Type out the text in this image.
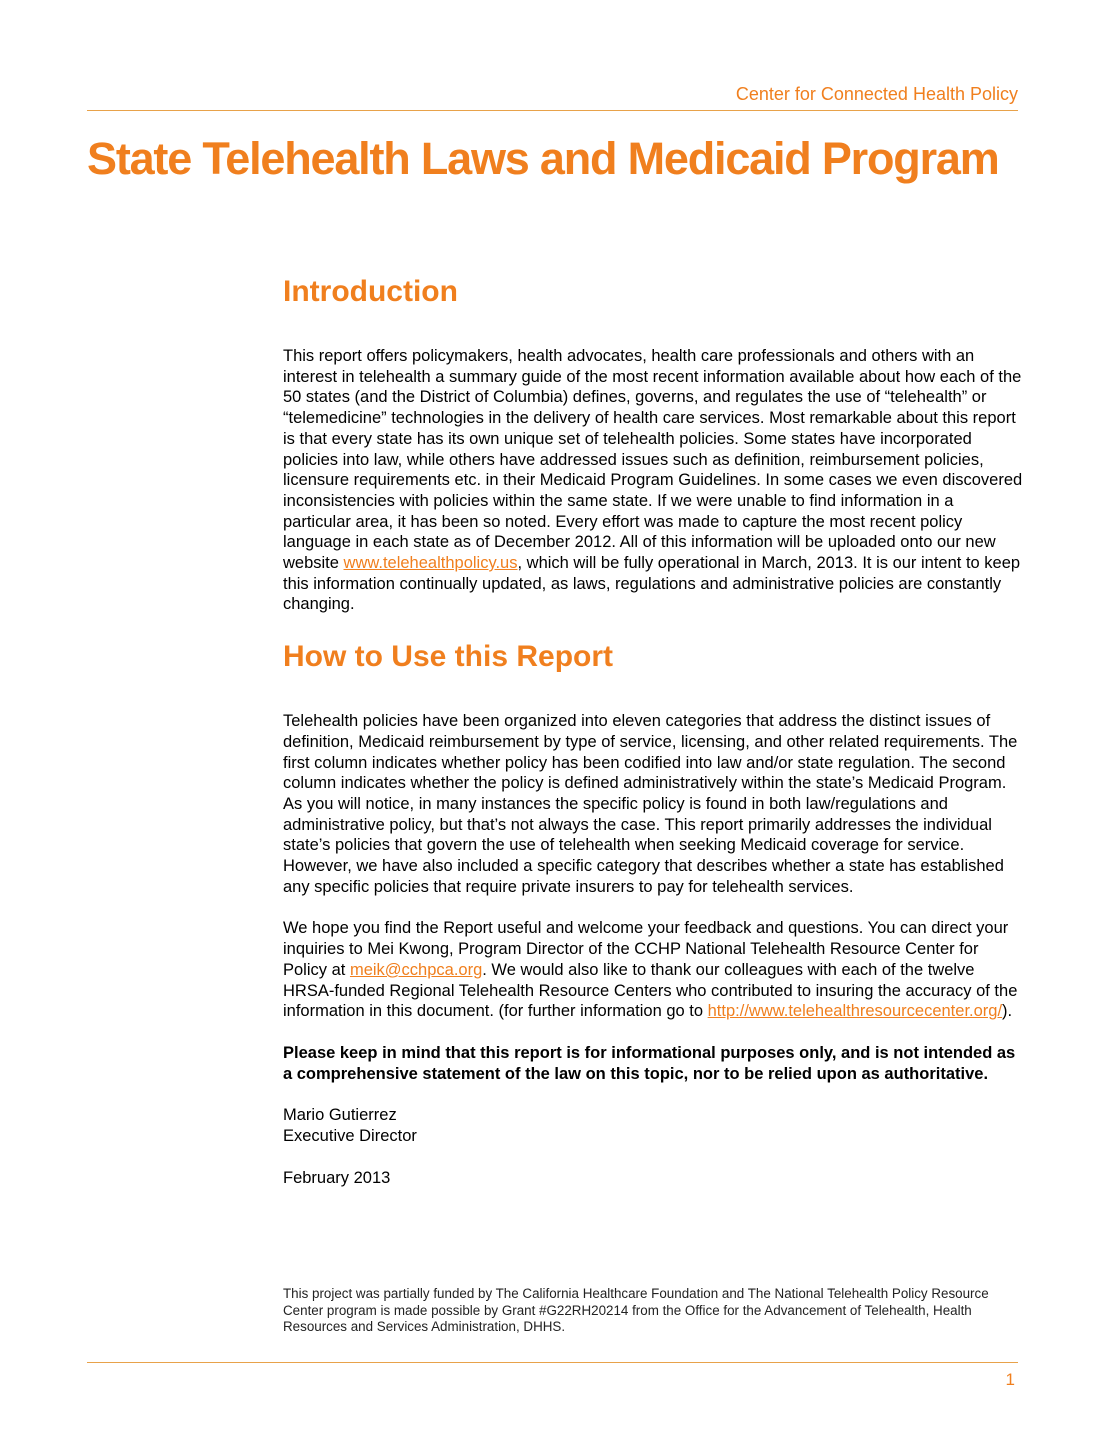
Center for Connected Health Policy

State Telehealth Laws and Medicaid Program
Introduction

This report offers policymakers, health advocates, health care professionals and others with an interest in telehealth a summary guide of the most recent information available about how each of the 50 states (and the District of Columbia) defines, governs, and regulates the use of “telehealth” or “telemedicine” technologies in the delivery of health care services. Most remarkable about this report is that every state has its own unique set of telehealth policies. Some states have incorporated policies into law, while others have addressed issues such as definition, reimbursement policies, licensure requirements etc. in their Medicaid Program Guidelines. In some cases we even discovered inconsistencies with policies within the same state. If we were unable to find information in a particular area, it has been so noted. Every effort was made to capture the most recent policy language in each state as of December 2012. All of this information will be uploaded onto our new website www.telehealthpolicy.us, which will be fully operational in March, 2013. It is our intent to keep this information continually updated, as laws, regulations and administrative policies are constantly changing.

How to Use this Report

Telehealth policies have been organized into eleven categories that address the distinct issues of definition, Medicaid reimbursement by type of service, licensing, and other related requirements. The first column indicates whether policy has been codified into law and/or state regulation. The second column indicates whether the policy is defined administratively within the state’s Medicaid Program. As you will notice, in many instances the specific policy is found in both law/regulations and administrative policy, but that’s not always the case. This report primarily addresses the individual state’s policies that govern the use of telehealth when seeking Medicaid coverage for service. However, we have also included a specific category that describes whether a state has established any specific policies that require private insurers to pay for telehealth services.

We hope you find the Report useful and welcome your feedback and questions. You can direct your inquiries to Mei Kwong, Program Director of the CCHP National Telehealth Resource Center for Policy at meik@cchpca.org. We would also like to thank our colleagues with each of the twelve HRSA-funded Regional Telehealth Resource Centers who contributed to insuring the accuracy of the information in this document. (for further information go to http://www.telehealthresourcecenter.org/).

Please keep in mind that this report is for informational purposes only, and is not intended as a comprehensive statement of the law on this topic, nor to be relied upon as authoritative.

Mario Gutierrez

Executive Director

February 2013

This project was partially funded by The California Healthcare Foundation and The National Telehealth Policy Resource Center program is made possible by Grant #G22RH20214 from the Office for the Advancement of Telehealth, Health Resources and Services Administration, DHHS.

1
